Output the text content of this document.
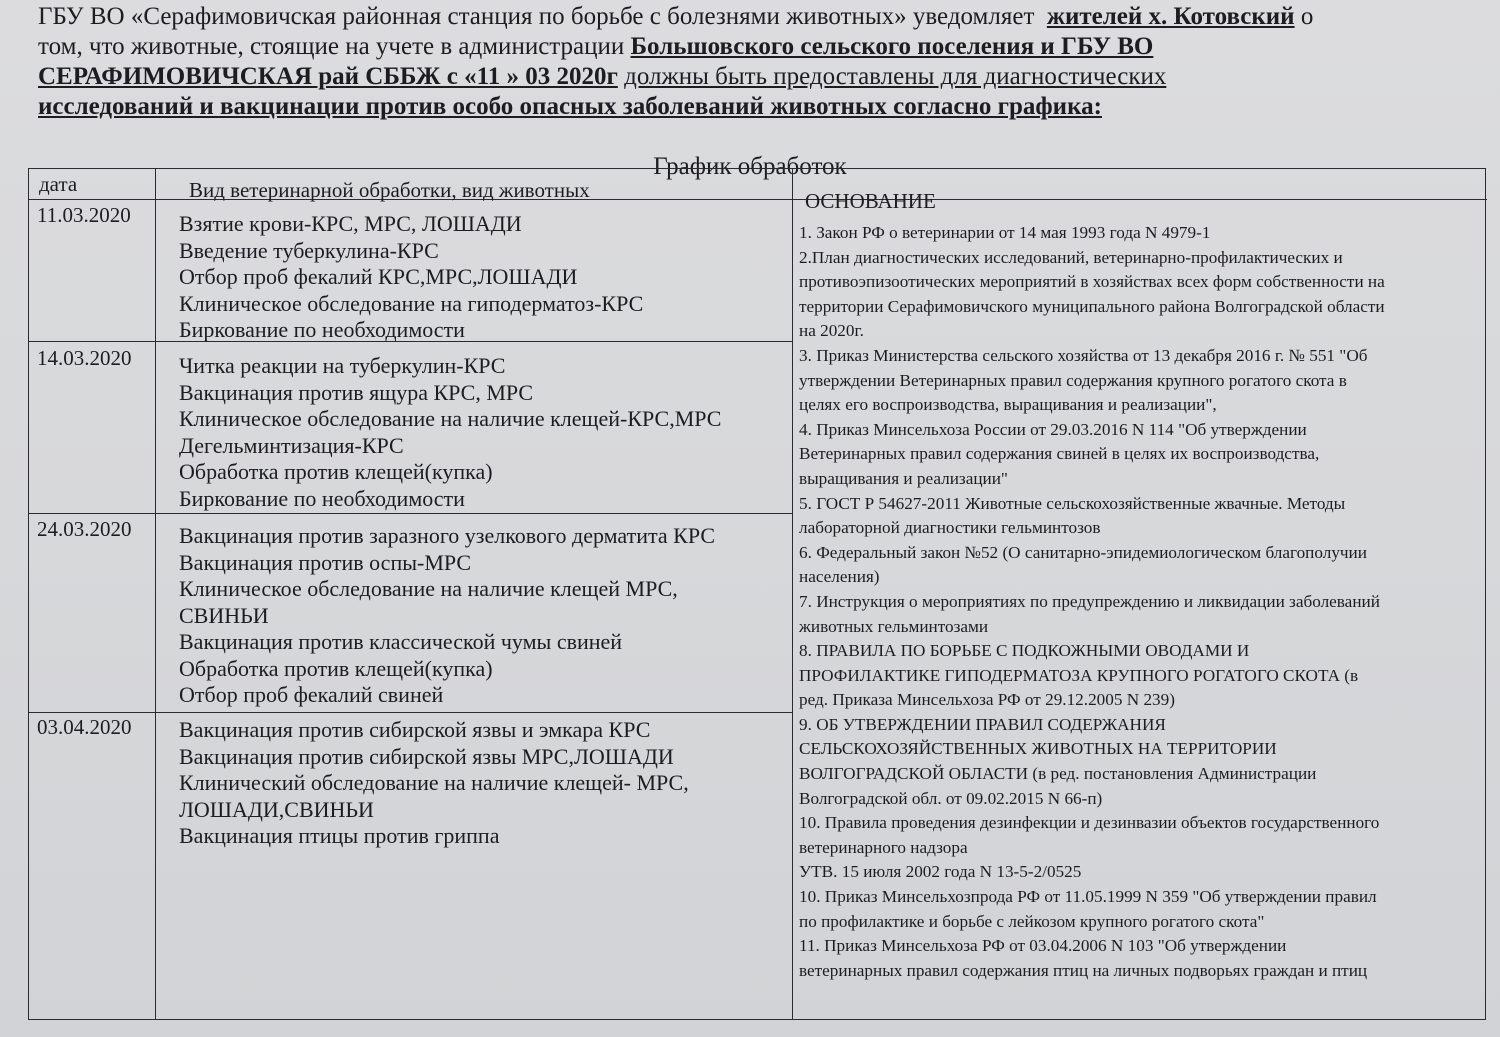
ГБУ ВО «Серафимовичская районная станция по борьбе с болезнями животных» уведомляет жителей х. Котовский о

том, что животные, стоящие на учете в администрации Большовского сельского поселения и ГБУ ВО

СЕРАФИМОВИЧСКАЯ рай СББЖ с «11 » 03 2020г должны быть предоставлены для диагностических

исследований и вакцинации против особо опасных заболеваний животных согласно графика:

График обработок
дата	Вид ветеринарной обработки, вид животных	ОСНОВАНИЕ
11.03.2020 Взятие крови-КРС, МРС, ЛОШАДИ
Введение туберкулина-КРС
Отбор проб фекалий КРС,МРС,ЛОШАДИ
Клиническое обследование на гиподерматоз-КРС
Биркование по необходимости
14.03.2020 Читка реакции на туберкулин-КРС
Вакцинация против ящура КРС, МРС
Клиническое обследование на наличие клещей-КРС,МРС
Дегельминтизация-КРС
Обработка против клещей(купка)
Биркование по необходимости
24.03.2020 Вакцинация против заразного узелкового дерматита КРС
Вакцинация против оспы-МРС
Клиническое обследование на наличие клещей МРС,
СВИНЬИ
Вакцинация против классической чумы свиней
Обработка против клещей(купка)
Отбор проб фекалий свиней
03.04.2020 Вакцинация против сибирской язвы и эмкара КРС
Вакцинация против сибирской язвы МРС,ЛОШАДИ
Клинический обследование на наличие клещей- МРС,
ЛОШАДИ,СВИНЬИ
Вакцинация птицы против гриппа
1. Закон РФ о ветеринарии от 14 мая 1993 года N 4979-1
2.План диагностических исследований, ветеринарно-профилактических и
противоэпизоотических мероприятий в хозяйствах всех форм собственности на
территории Серафимовичского муниципального района Волгоградской области
на 2020г.
3. Приказ Министерства сельского хозяйства от 13 декабря 2016 г. № 551 "Об
утверждении Ветеринарных правил содержания крупного рогатого скота в
целях его воспроизводства, выращивания и реализации",
4. Приказ Минсельхоза России от 29.03.2016 N 114 "Об утверждении
Ветеринарных правил содержания свиней в целях их воспроизводства,
выращивания и реализации"
5. ГОСТ Р 54627-2011 Животные сельскохозяйственные жвачные. Методы
лабораторной диагностики гельминтозов
6. Федеральный закон №52 (О санитарно-эпидемиологическом благополучии
населения)
7. Инструкция о мероприятиях по предупреждению и ликвидации заболеваний
животных гельминтозами
8. ПРАВИЛА ПО БОРЬБЕ С ПОДКОЖНЫМИ ОВОДАМИ И
ПРОФИЛАКТИКЕ ГИПОДЕРМАТОЗА КРУПНОГО РОГАТОГО СКОТА (в
ред. Приказа Минсельхоза РФ от 29.12.2005 N 239)
9. ОБ УТВЕРЖДЕНИИ ПРАВИЛ СОДЕРЖАНИЯ
СЕЛЬСКОХОЗЯЙСТВЕННЫХ ЖИВОТНЫХ НА ТЕРРИТОРИИ
ВОЛГОГРАДСКОЙ ОБЛАСТИ (в ред. постановления Администрации
Волгоградской обл. от 09.02.2015 N 66-п)
10. Правила проведения дезинфекции и дезинвазии объектов государственного
ветеринарного надзора
УТВ. 15 июля 2002 года N 13-5-2/0525
10. Приказ Минсельхозпрода РФ от 11.05.1999 N 359 "Об утверждении правил
по профилактике и борьбе с лейкозом крупного рогатого скота"
11. Приказ Минсельхоза РФ от 03.04.2006 N 103 "Об утверждении
ветеринарных правил содержания птиц на личных подворьях граждан и птиц
